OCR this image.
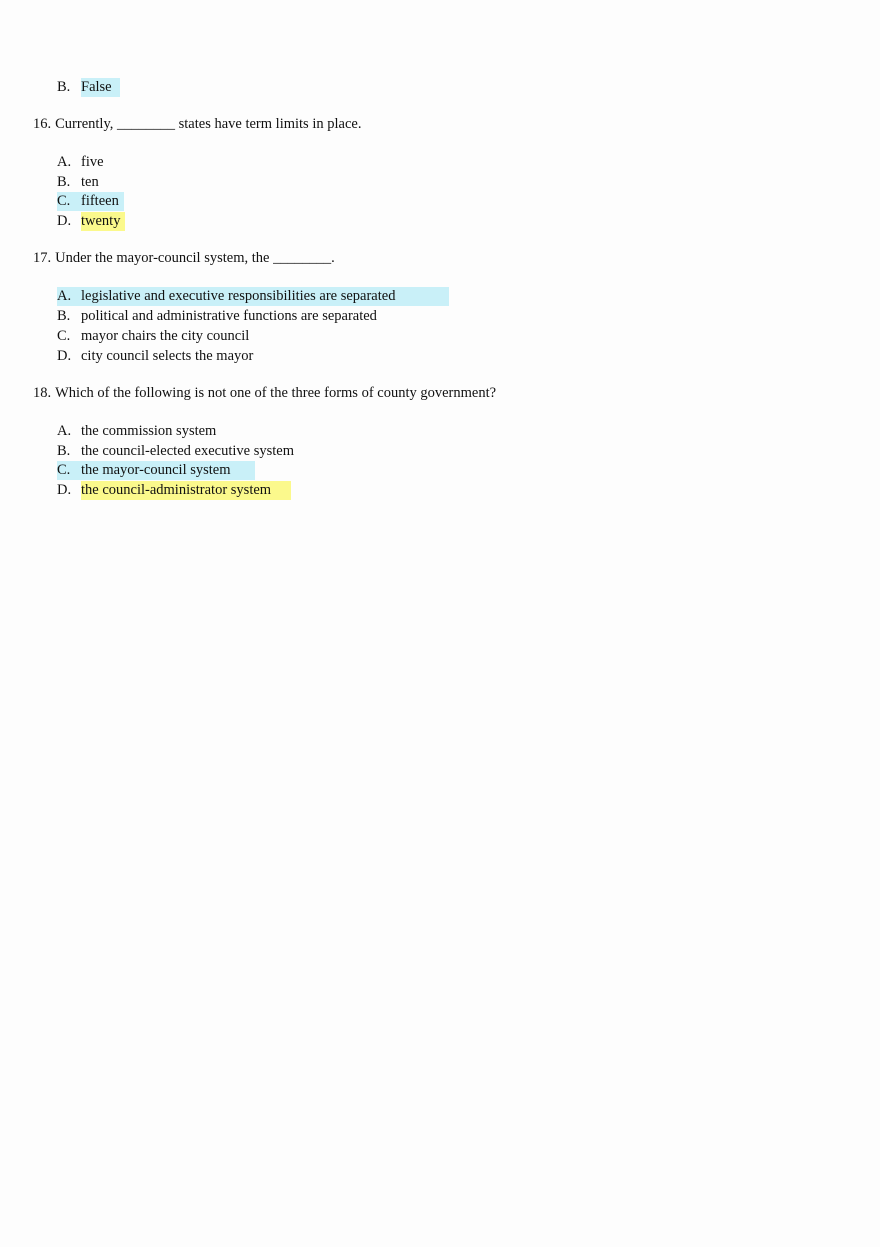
B. False
16. Currently, ________ states have term limits in place.
A. five
B. ten
C. fifteen
D. twenty
17. Under the mayor-council system, the ________.
A. legislative and executive responsibilities are separated
B. political and administrative functions are separated
C. mayor chairs the city council
D. city council selects the mayor
18. Which of the following is not one of the three forms of county government?
A. the commission system
B. the council-elected executive system
C. the mayor-council system
D. the council-administrator system
